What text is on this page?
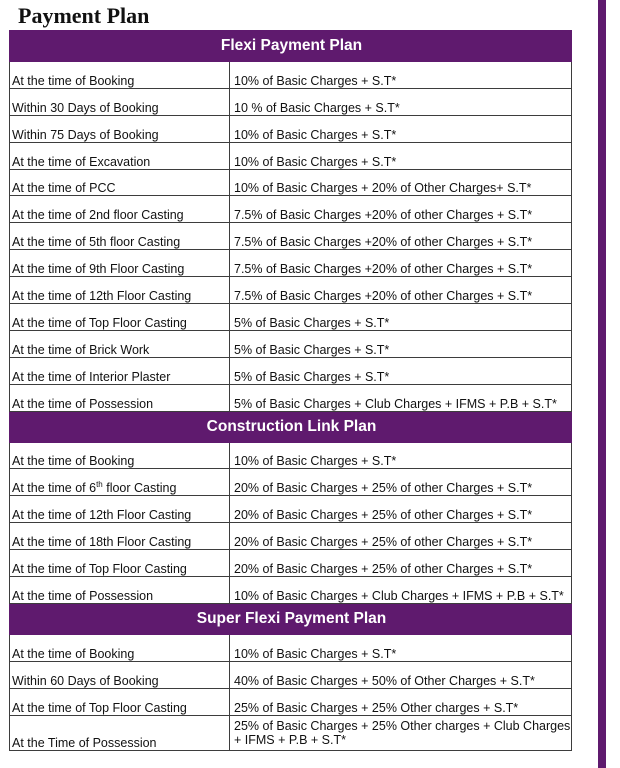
Payment Plan
Flexi Payment Plan	
At the time of Booking	10% of Basic Charges + S.T*
Within 30 Days of Booking	10 % of Basic Charges + S.T*
Within 75 Days of Booking	10% of Basic Charges + S.T*
At the time of Excavation	10% of Basic Charges + S.T*
At the time of PCC	10% of Basic Charges + 20% of Other Charges+ S.T*
At the time of 2nd floor Casting	7.5% of Basic Charges +20% of other Charges + S.T*
At the time of 5th floor Casting	7.5% of Basic Charges +20% of other Charges + S.T*
At the time of 9th Floor Casting	7.5% of Basic Charges +20% of other Charges + S.T*
At the time of 12th Floor Casting	7.5% of Basic Charges +20% of other Charges + S.T*
At the time of Top Floor Casting	5% of Basic Charges + S.T*
At the time of Brick Work	5% of Basic Charges + S.T*
At the time of Interior Plaster	5% of Basic Charges + S.T*
At the time of Possession	5% of Basic Charges + Club Charges + IFMS + P.B + S.T*
Construction Link Plan	
At the time of Booking	10% of Basic Charges + S.T*
At the time of 6th floor Casting	20% of Basic Charges + 25% of other Charges + S.T*
At the time of 12th Floor Casting	20% of Basic Charges + 25% of other Charges + S.T*
At the time of 18th Floor Casting	20% of Basic Charges + 25% of other Charges + S.T*
At the time of Top Floor Casting	20% of Basic Charges + 25% of other Charges + S.T*
At the time of Possession	10% of Basic Charges + Club Charges + IFMS + P.B + S.T*
Super Flexi Payment Plan	
At the time of Booking	10% of Basic Charges + S.T*
Within 60 Days of Booking	40% of Basic Charges + 50% of Other Charges + S.T*
At the time of Top Floor Casting	25% of Basic Charges + 25% Other charges + S.T*
At the Time of Possession	25% of Basic Charges + 25% Other charges + Club Charges + IFMS + P.B + S.T*
